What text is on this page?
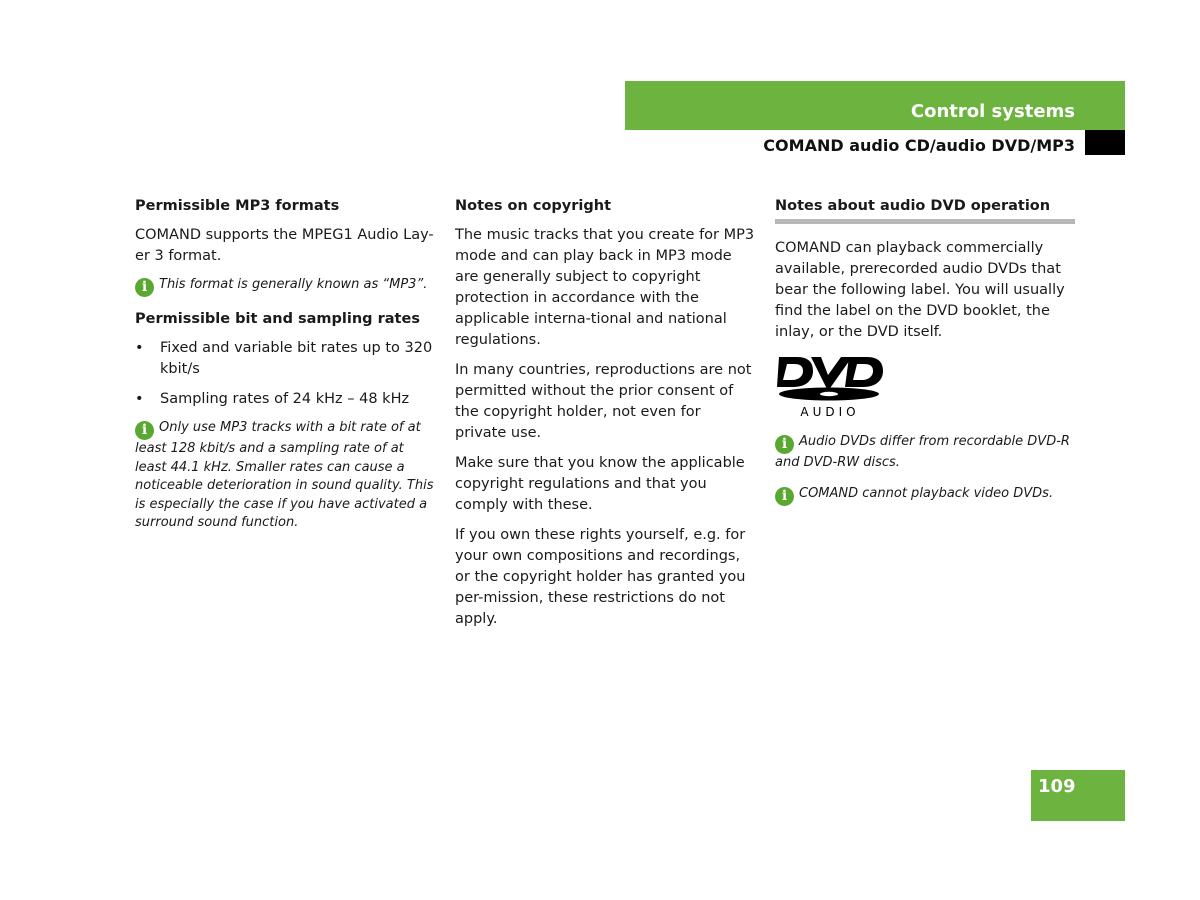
Control systems
COMAND audio CD/audio DVD/MP3
Permissible MP3 formats

COMAND supports the MPEG1 Audio Lay-er 3 format.

i This format is generally known as “MP3”.
Permissible bit and sampling rates
• Fixed and variable bit rates up to 320 kbit/s
• Sampling rates of 24 kHz – 48 kHz
i Only use MP3 tracks with a bit rate of at least 128 kbit/s and a sampling rate of at least 44.1 kHz. Smaller rates can cause a noticeable deterioration in sound quality. This is especially the case if you have activated a surround sound function.
Notes on copyright

The music tracks that you create for MP3 mode and can play back in MP3 mode are generally subject to copyright protection in accordance with the applicable interna-tional and national regulations.

In many countries, reproductions are not permitted without the prior consent of the copyright holder, not even for private use.

Make sure that you know the applicable copyright regulations and that you comply with these.

If you own these rights yourself, e.g. for your own compositions and recordings, or the copyright holder has granted you per-mission, these restrictions do not apply.

Notes about audio DVD operation

COMAND can playback commercially available, prerecorded audio DVDs that bear the following label. You will usually find the label on the DVD booklet, the inlay, or the DVD itself.

AUDIO
i Audio DVDs differ from recordable DVD-R and DVD-RW discs.
i COMAND cannot playback video DVDs.
109
